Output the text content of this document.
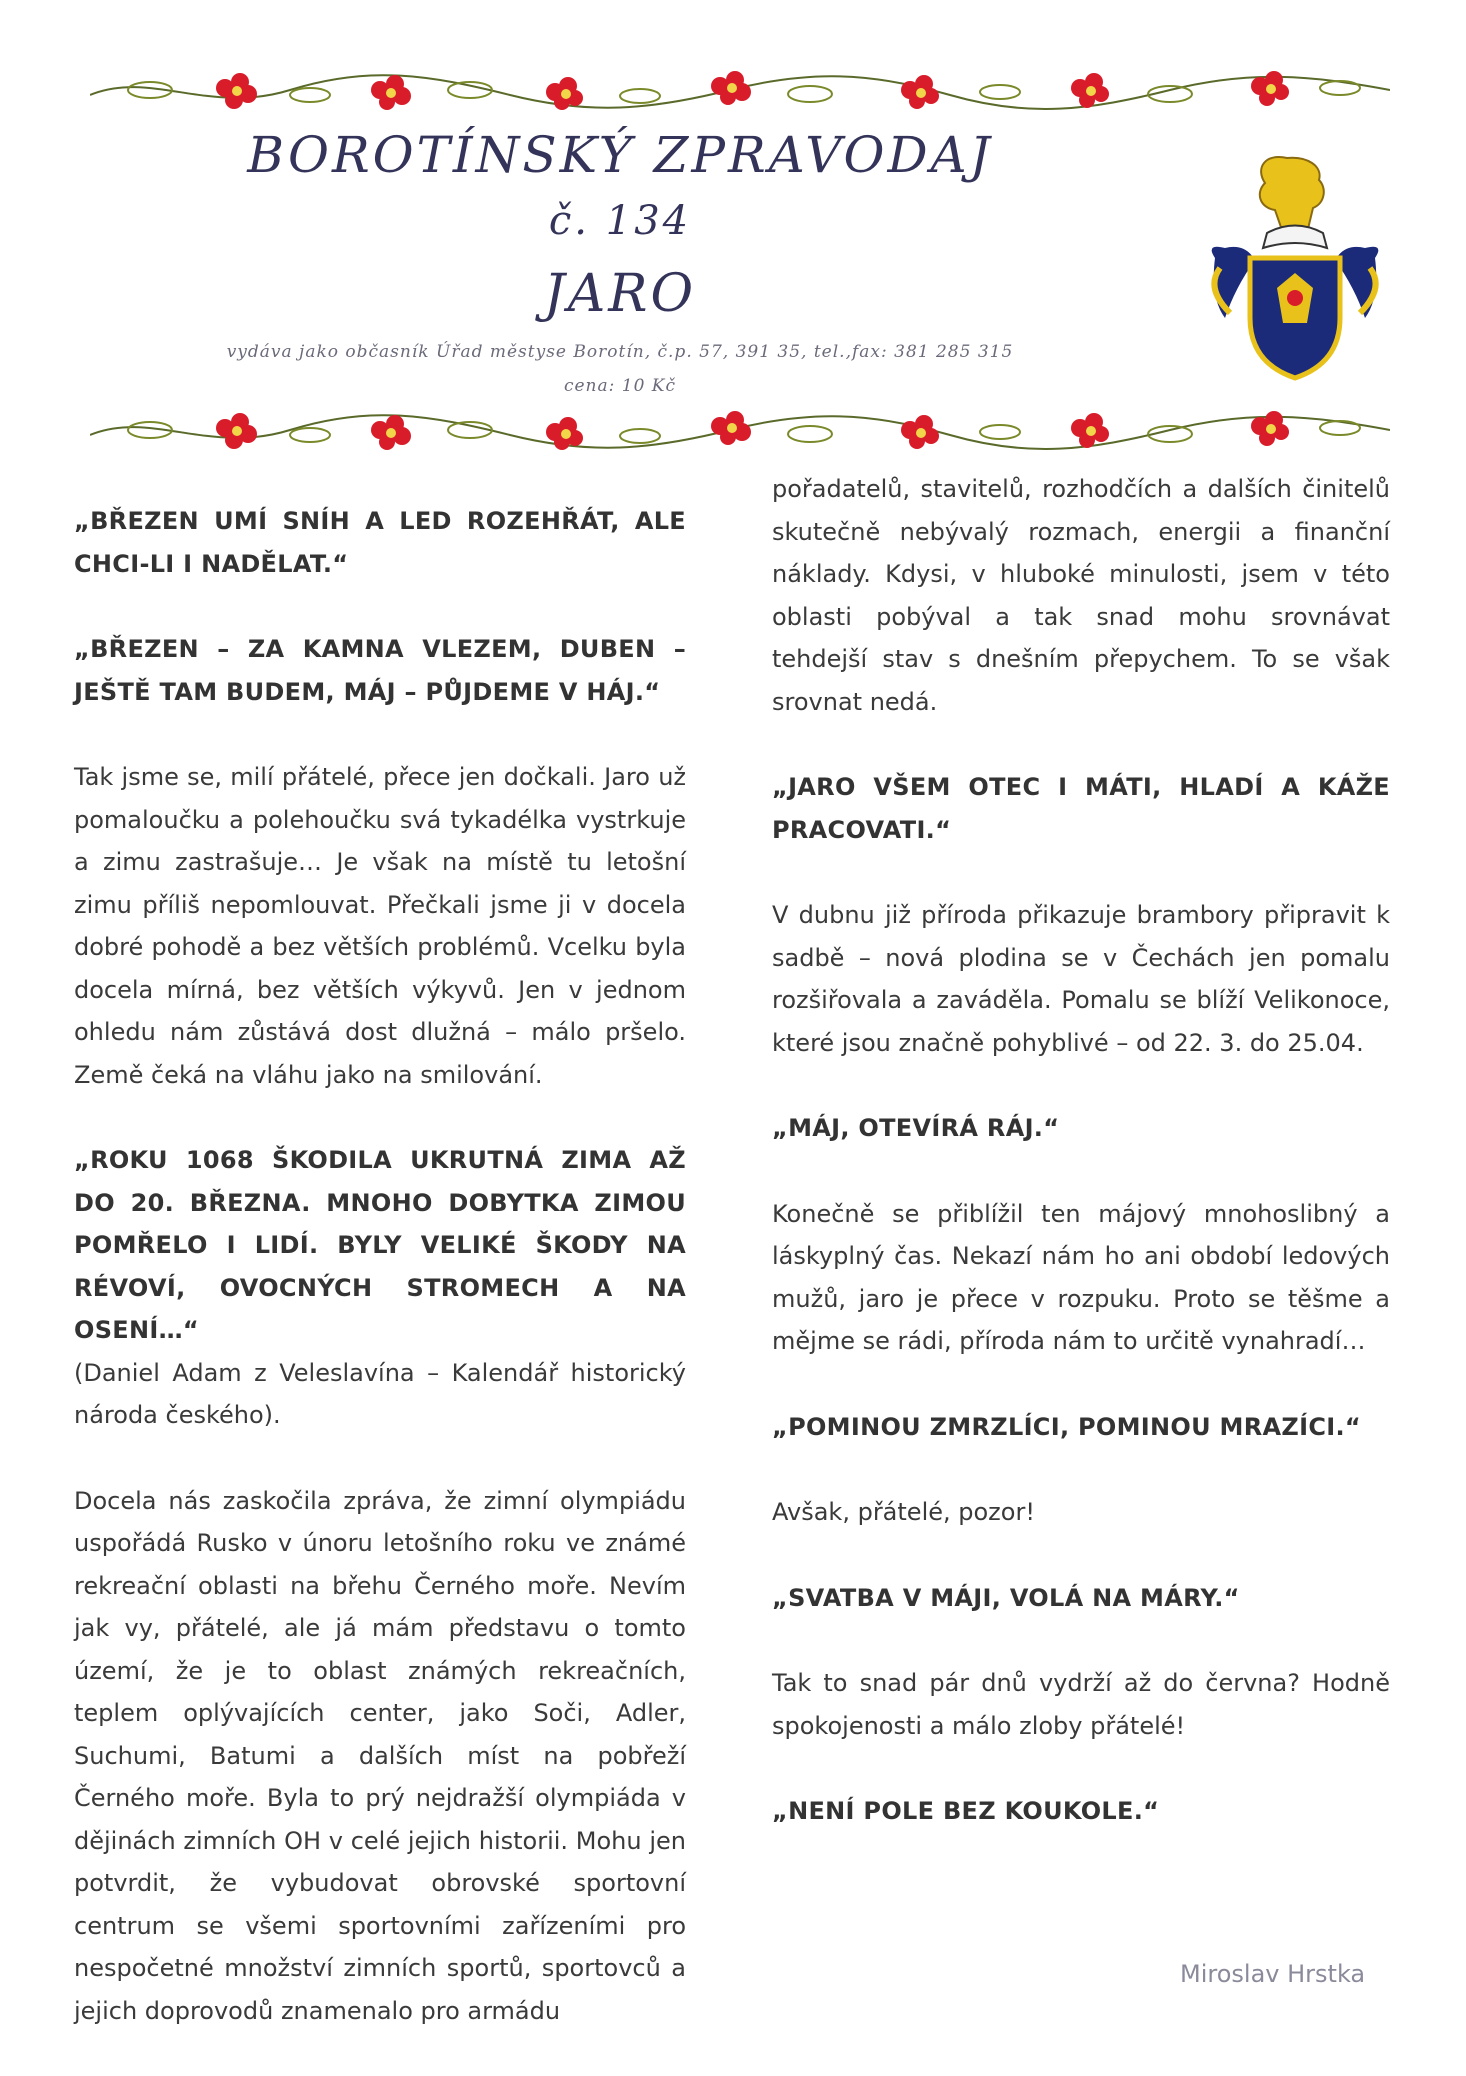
BOROTÍNSKÝ ZPRAVODAJ
č. 134
JARO
vydáva jako občasník Úřad městyse Borotín, č.p. 57, 391 35, tel.,fax: 381 285 315
cena: 10 Kč

„BŘEZEN UMÍ SNÍH A LED ROZEHŘÁT, ALE CHCI-LI I NADĚLAT.“

„BŘEZEN – ZA KAMNA VLEZEM, DUBEN – JEŠTĚ TAM BUDEM, MÁJ – PŮJDEME V HÁJ.“

Tak jsme se, milí přátelé, přece jen dočkali. Jaro už pomaloučku a polehoučku svá tykadélka vystrkuje a zimu zastrašuje… Je však na místě tu letošní zimu příliš nepomlouvat. Přečkali jsme ji v docela dobré pohodě a bez větších problémů. Vcelku byla docela mírná, bez větších výkyvů. Jen v jednom ohledu nám zůstává dost dlužná – málo pršelo. Země čeká na vláhu jako na smilování.

„ROKU 1068 ŠKODILA UKRUTNÁ ZIMA AŽ DO 20. BŘEZNA. MNOHO DOBYTKA ZIMOU POMŘELO I LIDÍ. BYLY VELIKÉ ŠKODY NA RÉVOVÍ, OVOCNÝCH STROMECH A NA OSENÍ…“

(Daniel Adam z Veleslavína – Kalendář historický národa českého).

Docela nás zaskočila zpráva, že zimní olympiádu uspořádá Rusko v únoru letošního roku ve známé rekreační oblasti na břehu Černého moře. Nevím jak vy, přátelé, ale já mám představu o tomto území, že je to oblast známých rekreačních, teplem oplývajících center, jako Soči, Adler, Suchumi, Batumi a dalších míst na pobřeží Černého moře. Byla to prý nejdražší olympiáda v dějinách zimních OH v celé jejich historii. Mohu jen potvrdit, že vybudovat obrovské sportovní centrum se všemi sportovními zařízeními pro nespočetné množství zimních sportů, sportovců a jejich doprovodů znamenalo pro armádu

pořadatelů, stavitelů, rozhodčích a dalších činitelů skutečně nebývalý rozmach, energii a finanční náklady. Kdysi, v hluboké minulosti, jsem v této oblasti pobýval a tak snad mohu srovnávat tehdejší stav s dnešním přepychem. To se však srovnat nedá.

„JARO VŠEM OTEC I MÁTI, HLADÍ A KÁŽE PRACOVATI.“

V dubnu již příroda přikazuje brambory připravit k sadbě – nová plodina se v Čechách jen pomalu rozšiřovala a zaváděla. Pomalu se blíží Velikonoce, které jsou značně pohyblivé – od 22. 3. do 25.04.

„MÁJ, OTEVÍRÁ RÁJ.“

Konečně se přiblížil ten májový mnohoslibný a láskyplný čas. Nekazí nám ho ani období ledových mužů, jaro je přece v rozpuku. Proto se těšme a mějme se rádi, příroda nám to určitě vynahradí…

„POMINOU ZMRZLÍCI, POMINOU MRAZÍCI.“

Avšak, přátelé, pozor!

„SVATBA V MÁJI, VOLÁ NA MÁRY.“

Tak to snad pár dnů vydrží až do června? Hodně spokojenosti a málo zloby přátelé!

„NENÍ POLE BEZ KOUKOLE.“

Miroslav Hrstka
